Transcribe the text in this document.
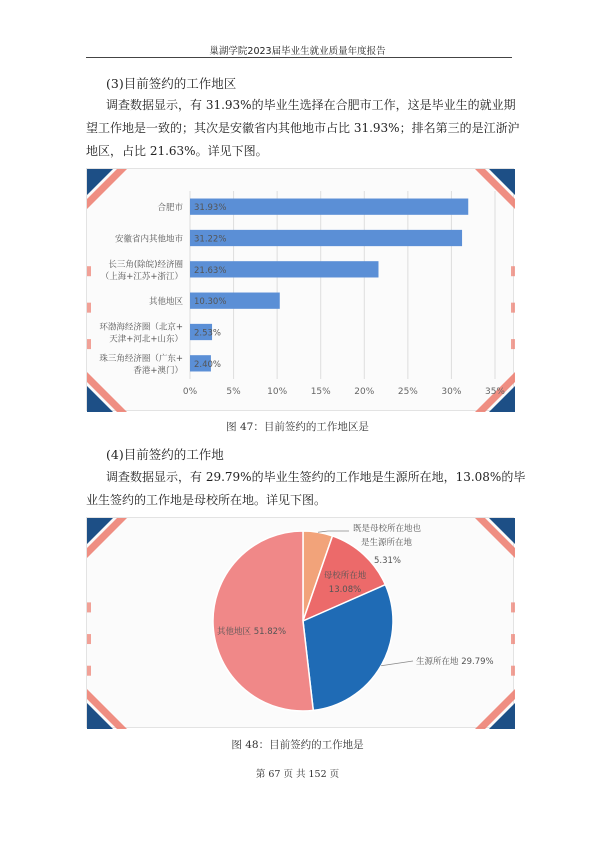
巢湖学院2023届毕业生就业质量年度报告
(3)目前签约的工作地区
调查数据显示，有 31.93%的毕业生选择在合肥市工作，这是毕业生的就业期
望工作地是一致的；其次是安徽省内其他地市占比 31.93%；排名第三的是江浙沪
地区，占比 21.63%。详见下图。
0%	5%	10%	15%	20%	25%	30%	35%
31.93%
合肥市
31.22%
安徽省内其他地市
21.63%
长三角(除皖)经济圈
（上海+江苏+浙江）
10.30%
其他地区
2.53%
环渤海经济圈（北京+
天津+河北+山东）
2.40%
珠三角经济圈（广东+
香港+澳门）
图 47：目前签约的工作地区是
(4)目前签约的工作地
调查数据显示，有 29.79%的毕业生签约的工作地是生源所在地，13.08%的毕
业生签约的工作地是母校所在地。详见下图。
既是母校所在地也
是生源所在地
5.31%
母校所在地
13.08%
生源所在地 29.79%
其他地区 51.82%
图 48：目前签约的工作地是
第 67 页 共 152 页
